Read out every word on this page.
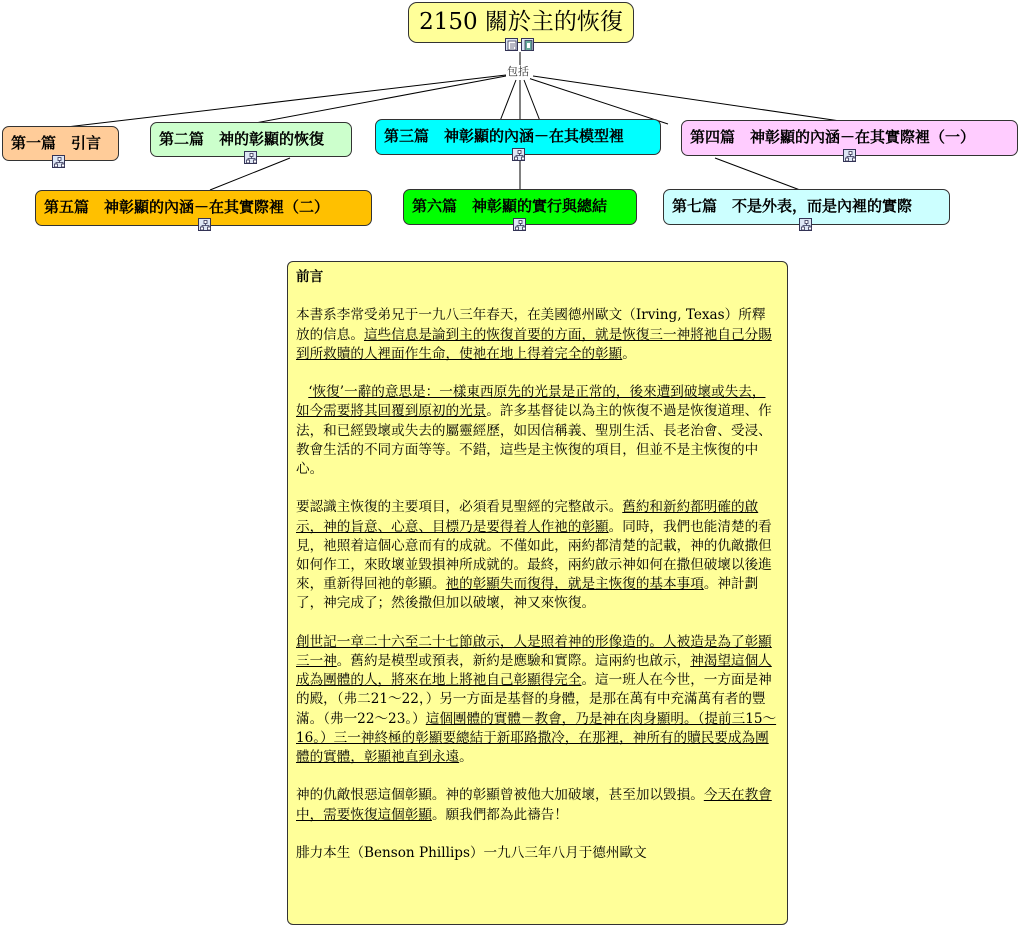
2150 關於主的恢復
包括
第一篇　引言	第二篇　神的彰顯的恢復	第三篇　神彰顯的內涵－在其模型裡	第四篇　神彰顯的內涵－在其實際裡（一）
第五篇　神彰顯的內涵－在其實際裡（二）	第六篇　神彰顯的實行與總結	第七篇　不是外表，而是內裡的實際

前言

本書系李常受弟兄于一九八三年春天，在美國德州歐文（Irving, Texas）所釋放的信息。這些信息是論到主的恢復首要的方面，就是恢復三一神將祂自己分賜到所救贖的人裡面作生命，使祂在地上得着完全的彰顯。

‘恢復’一辭的意思是：一樣東西原先的光景是正常的，後來遭到破壞或失去，如今需要將其回覆到原初的光景。許多基督徒以為主的恢復不過是恢復道理、作法，和已經毀壞或失去的屬靈經歷，如因信稱義、聖別生活、長老治會、受浸、教會生活的不同方面等等。不錯，這些是主恢復的項目，但並不是主恢復的中心。

要認識主恢復的主要項目，必須看見聖經的完整啟示。舊約和新約都明確的啟示，神的旨意、心意、目標乃是要得着人作祂的彰顯。同時，我們也能清楚的看見，祂照着這個心意而有的成就。不僅如此，兩約都清楚的記載，神的仇敵撒但如何作工，來敗壞並毀損神所成就的。最終，兩約啟示神如何在撒但破壞以後進來，重新得回祂的彰顯。祂的彰顯失而復得，就是主恢復的基本事項。神計劃了，神完成了；然後撒但加以破壞，神又來恢復。

創世記一章二十六至二十七節啟示，人是照着神的形像造的。人被造是為了彰顯三一神。舊約是模型或預表，新約是應驗和實際。這兩約也啟示，神渴望這個人成為團體的人，將來在地上將祂自己彰顯得完全。這一班人在今世，一方面是神的殿，（弗二21～22，）另一方面是基督的身體，是那在萬有中充滿萬有者的豐滿。（弗一22～23。）這個團體的實體－教會，乃是神在肉身顯明。（提前三15～16。）三一神終極的彰顯要總結于新耶路撒冷，在那裡，神所有的贖民要成為團體的實體，彰顯祂直到永遠。

神的仇敵恨惡這個彰顯。神的彰顯曾被他大加破壞，甚至加以毀損。今天在教會中，需要恢復這個彰顯。願我們都為此禱告！

腓力本生（Benson Phillips）一九八三年八月于德州歐文
